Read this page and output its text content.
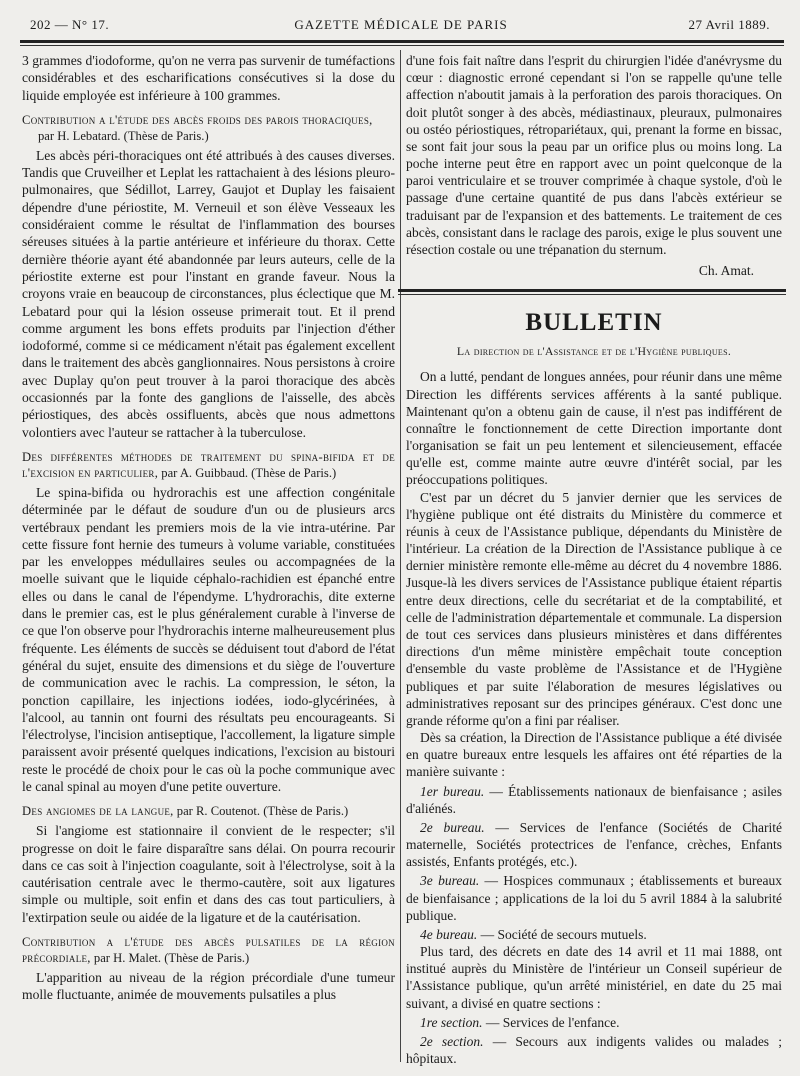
202 — N° 17.	GAZETTE MÉDICALE DE PARIS	27 Avril 1889.

3 grammes d'iodoforme, qu'on ne verra pas survenir de tuméfactions considérables et des escharifications consécutives si la dose du liquide employée est inférieure à 100 grammes.

Contribution a l'étude des abcès froids des parois thoraciques,
par H. Lebatard. (Thèse de Paris.)

Les abcès péri-thoraciques ont été attribués à des causes diverses. Tandis que Cruveilher et Leplat les rattachaient à des lésions pleuro-pulmonaires, que Sédillot, Larrey, Gaujot et Duplay les faisaient dépendre d'une périostite, M. Verneuil et son élève Vesseaux les considéraient comme le résultat de l'inflammation des bourses séreuses situées à la partie antérieure et inférieure du thorax. Cette dernière théorie ayant été abandonnée par leurs auteurs, celle de la périostite externe est pour l'instant en grande faveur. Nous la croyons vraie en beaucoup de circonstances, plus éclectique que M. Lebatard pour qui la lésion osseuse primerait tout. Et il prend comme argument les bons effets produits par l'injection d'éther iodoformé, comme si ce médicament n'était pas également excellent dans le traitement des abcès ganglionnaires. Nous persistons à croire avec Duplay qu'on peut trouver à la paroi thoracique des abcès occasionnés par la fonte des ganglions de l'aisselle, des abcès périostiques, des abcès ossifluents, abcès que nous admettons volontiers avec l'auteur se rattacher à la tuberculose.

Des différentes méthodes de traitement du spina-bifida et de l'excision en particulier, par A. Guibbaud. (Thèse de Paris.)

Le spina-bifida ou hydrorachis est une affection congénitale déterminée par le défaut de soudure d'un ou de plusieurs arcs vertébraux pendant les premiers mois de la vie intra-utérine. Par cette fissure font hernie des tumeurs à volume variable, constituées par les enveloppes médullaires seules ou accompagnées de la moelle suivant que le liquide céphalo-rachidien est épanché entre elles ou dans le canal de l'épendyme. L'hydrorachis, dite externe dans le premier cas, est le plus généralement curable à l'inverse de ce que l'on observe pour l'hydrorachis interne malheureusement plus fréquente. Les éléments de succès se déduisent tout d'abord de l'état général du sujet, ensuite des dimensions et du siège de l'ouverture de communication avec le rachis. La compression, le séton, la ponction capillaire, les injections iodées, iodo-glycérinées, à l'alcool, au tannin ont fourni des résultats peu encourageants. Si l'électrolyse, l'incision antiseptique, l'accollement, la ligature simple paraissent avoir présenté quelques indications, l'excision au bistouri reste le procédé de choix pour le cas où la poche communique avec le canal spinal au moyen d'une petite ouverture.

Des angiomes de la langue, par R. Coutenot. (Thèse de Paris.)

Si l'angiome est stationnaire il convient de le respecter; s'il progresse on doit le faire disparaître sans délai. On pourra recourir dans ce cas soit à l'injection coagulante, soit à l'électrolyse, soit à la cautérisation centrale avec le thermo-cautère, soit aux ligatures simple ou multiple, soit enfin et dans des cas tout particuliers, à l'extirpation seule ou aidée de la ligature et de la cautérisation.

Contribution a l'étude des abcès pulsatiles de la région précordiale, par H. Malet. (Thèse de Paris.)

L'apparition au niveau de la région précordiale d'une tumeur molle fluctuante, animée de mouvements pulsatiles a plus

d'une fois fait naître dans l'esprit du chirurgien l'idée d'anévrysme du cœur : diagnostic erroné cependant si l'on se rappelle qu'une telle affection n'aboutit jamais à la perforation des parois thoraciques. On doit plutôt songer à des abcès, médiastinaux, pleuraux, pulmonaires ou ostéo périostiques, rétropariétaux, qui, prenant la forme en bissac, se sont fait jour sous la peau par un orifice plus ou moins long. La poche interne peut être en rapport avec un point quelconque de la paroi ventriculaire et se trouver comprimée à chaque systole, d'où le passage d'une certaine quantité de pus dans l'abcès extérieur se traduisant par de l'expansion et des battements. Le traitement de ces abcès, consistant dans le raclage des parois, exige le plus souvent une résection costale ou une trépanation du sternum.

Ch. Amat.

BULLETIN
La direction de l'Assistance et de l'Hygiène publiques.

On a lutté, pendant de longues années, pour réunir dans une même Direction les différents services afférents à la santé publique. Maintenant qu'on a obtenu gain de cause, il n'est pas indifférent de connaître le fonctionnement de cette Direction importante dont l'organisation se fait un peu lentement et silencieusement, effacée qu'elle est, comme mainte autre œuvre d'intérêt social, par les préoccupations politiques.

C'est par un décret du 5 janvier dernier que les services de l'hygiène publique ont été distraits du Ministère du commerce et réunis à ceux de l'Assistance publique, dépendants du Ministère de l'intérieur. La création de la Direction de l'Assistance publique à ce dernier ministère remonte elle-même au décret du 4 novembre 1886. Jusque-là les divers services de l'Assistance publique étaient répartis entre deux directions, celle du secrétariat et de la comptabilité, et celle de l'administration départementale et communale. La dispersion de tout ces services dans plusieurs ministères et dans différentes directions d'un même ministère empêchait toute conception d'ensemble du vaste problème de l'Assistance et de l'Hygiène publiques et par suite l'élaboration de mesures législatives ou administratives reposant sur des principes généraux. C'est donc une grande réforme qu'on a fini par réaliser.

Dès sa création, la Direction de l'Assistance publique a été divisée en quatre bureaux entre lesquels les affaires ont été réparties de la manière suivante :

1er bureau. — Établissements nationaux de bienfaisance ; asiles d'aliénés.

2e bureau. — Services de l'enfance (Sociétés de Charité maternelle, Sociétés protectrices de l'enfance, crèches, Enfants assistés, Enfants protégés, etc.).

3e bureau. — Hospices communaux ; établissements et bureaux de bienfaisance ; applications de la loi du 5 avril 1884 à la salubrité publique.

4e bureau. — Société de secours mutuels.

Plus tard, des décrets en date des 14 avril et 11 mai 1888, ont institué auprès du Ministère de l'intérieur un Conseil supérieur de l'Assistance publique, qu'un arrêté ministériel, en date du 25 mai suivant, a divisé en quatre sections :

1re section. — Services de l'enfance.

2e section. — Secours aux indigents valides ou malades ; hôpitaux.
